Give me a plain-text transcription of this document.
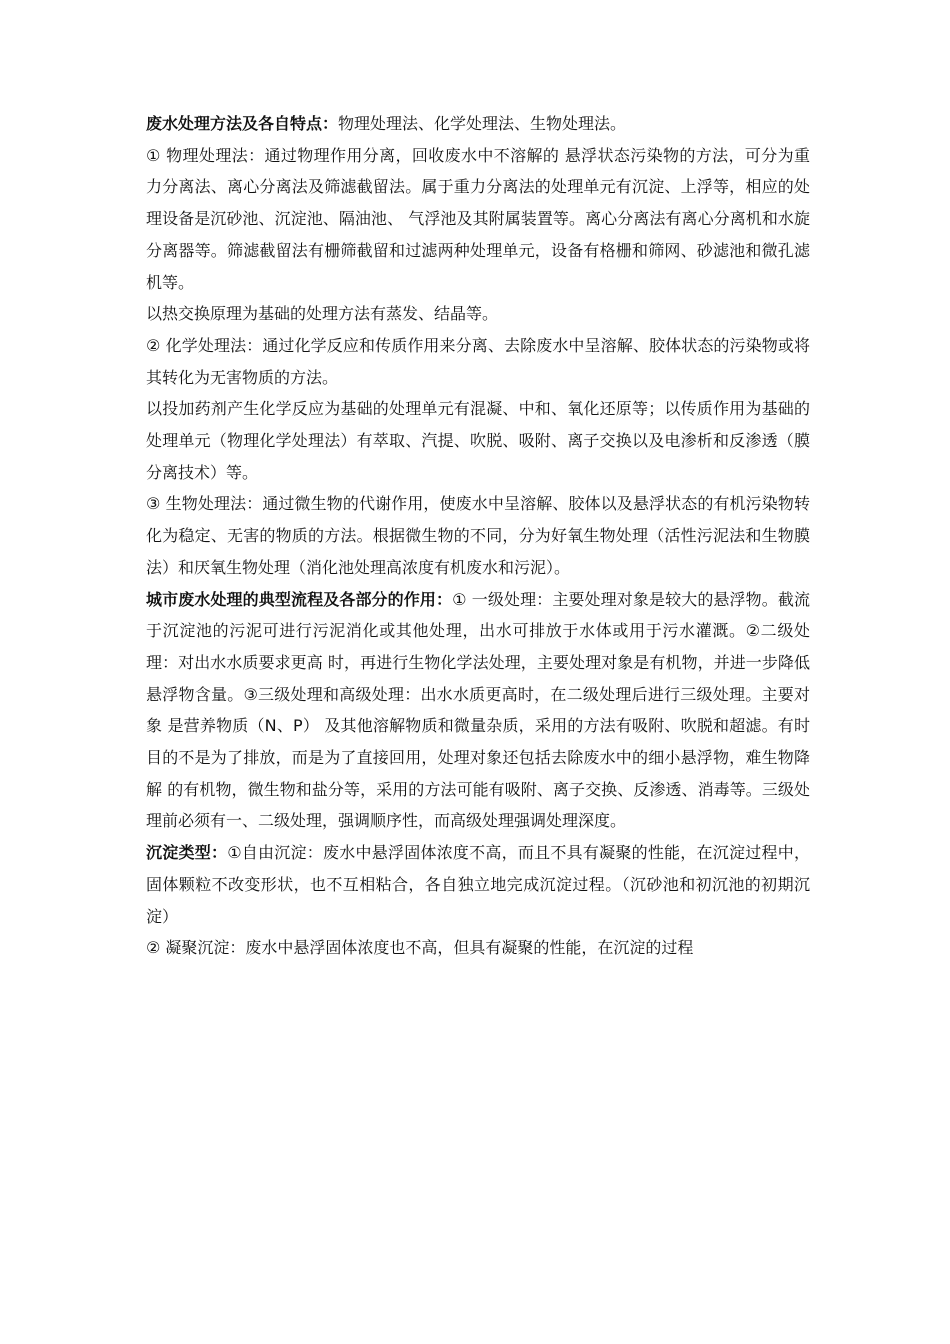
废水处理方法及各自特点：物理处理法、化学处理法、生物处理法。

① 物理处理法：通过物理作用分离，回收废水中不溶解的 悬浮状态污染物的方法，可分为重力分离法、离心分离法及筛滤截留法。属于重力分离法的处理单元有沉淀、上浮等，相应的处理设备是沉砂池、沉淀池、隔油池、 气浮池及其附属装置等。离心分离法有离心分离机和水旋分离器等。筛滤截留法有栅筛截留和过滤两种处理单元，设备有格栅和筛网、砂滤池和微孔滤机等。

以热交换原理为基础的处理方法有蒸发、结晶等。

② 化学处理法：通过化学反应和传质作用来分离、去除废水中呈溶解、胶体状态的污染物或将其转化为无害物质的方法。

以投加药剂产生化学反应为基础的处理单元有混凝、中和、氧化还原等；以传质作用为基础的处理单元（物理化学处理法）有萃取、汽提、吹脱、吸附、离子交换以及电渗析和反渗透（膜分离技术）等。

③ 生物处理法：通过微生物的代谢作用，使废水中呈溶解、胶体以及悬浮状态的有机污染物转化为稳定、无害的物质的方法。根据微生物的不同，分为好氧生物处理（活性污泥法和生物膜法）和厌氧生物处理（消化池处理高浓度有机废水和污泥）。

城市废水处理的典型流程及各部分的作用：① 一级处理：主要处理对象是较大的悬浮物。截流于沉淀池的污泥可进行污泥消化或其他处理，出水可排放于水体或用于污水灌溉。②二级处理：对出水水质要求更高 时，再进行生物化学法处理，主要处理对象是有机物，并进一步降低悬浮物含量。③三级处理和高级处理：出水水质更高时，在二级处理后进行三级处理。主要对象 是营养物质（N、P） 及其他溶解物质和微量杂质，采用的方法有吸附、吹脱和超滤。有时目的不是为了排放，而是为了直接回用，处理对象还包括去除废水中的细小悬浮物，难生物降解 的有机物，微生物和盐分等，采用的方法可能有吸附、离子交换、反渗透、消毒等。三级处理前必须有一、二级处理，强调顺序性，而高级处理强调处理深度。

沉淀类型：①自由沉淀：废水中悬浮固体浓度不高，而且不具有凝聚的性能，在沉淀过程中，固体颗粒不改变形状，也不互相粘合，各自独立地完成沉淀过程。（沉砂池和初沉池的初期沉淀）

② 凝聚沉淀：废水中悬浮固体浓度也不高，但具有凝聚的性能，在沉淀的过程
